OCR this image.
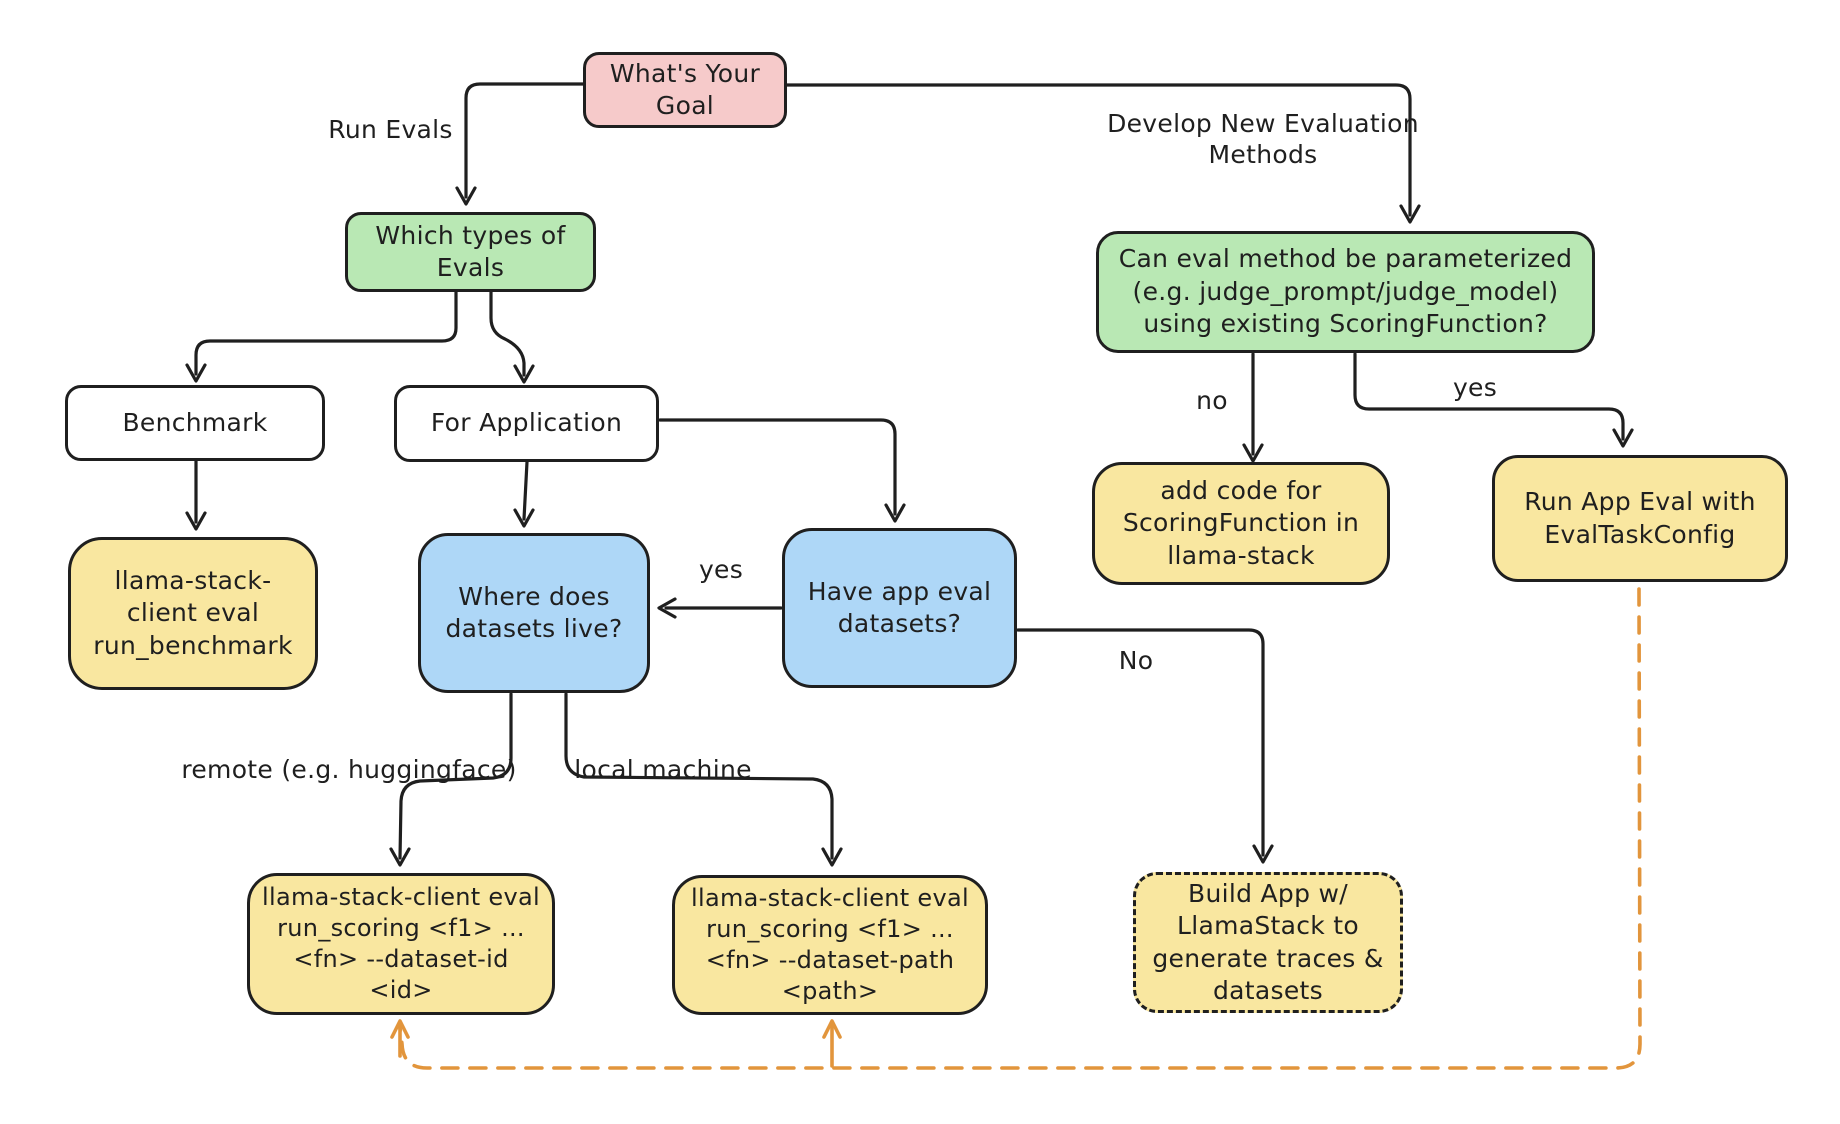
What's Your Goal
Which types of Evals	Can eval method be parameterized (e.g. judge_prompt/judge_model) using existing ScoringFunction?
Benchmark	For Application
llama-stack-client eval run_benchmark
Where does datasets live?
Have app eval datasets?
add code for ScoringFunction in llama-stack
Run App Eval with EvalTaskConfig
llama-stack-client eval run_scoring <f1> ... <fn> --dataset-id <id>
llama-stack-client eval run_scoring <f1> ... <fn> --dataset-path <path>
Build App w/ LlamaStack to generate traces & datasets
Run Evals	Develop New Evaluation Methods
no	yes
yes
No
remote (e.g. huggingface) local machine
